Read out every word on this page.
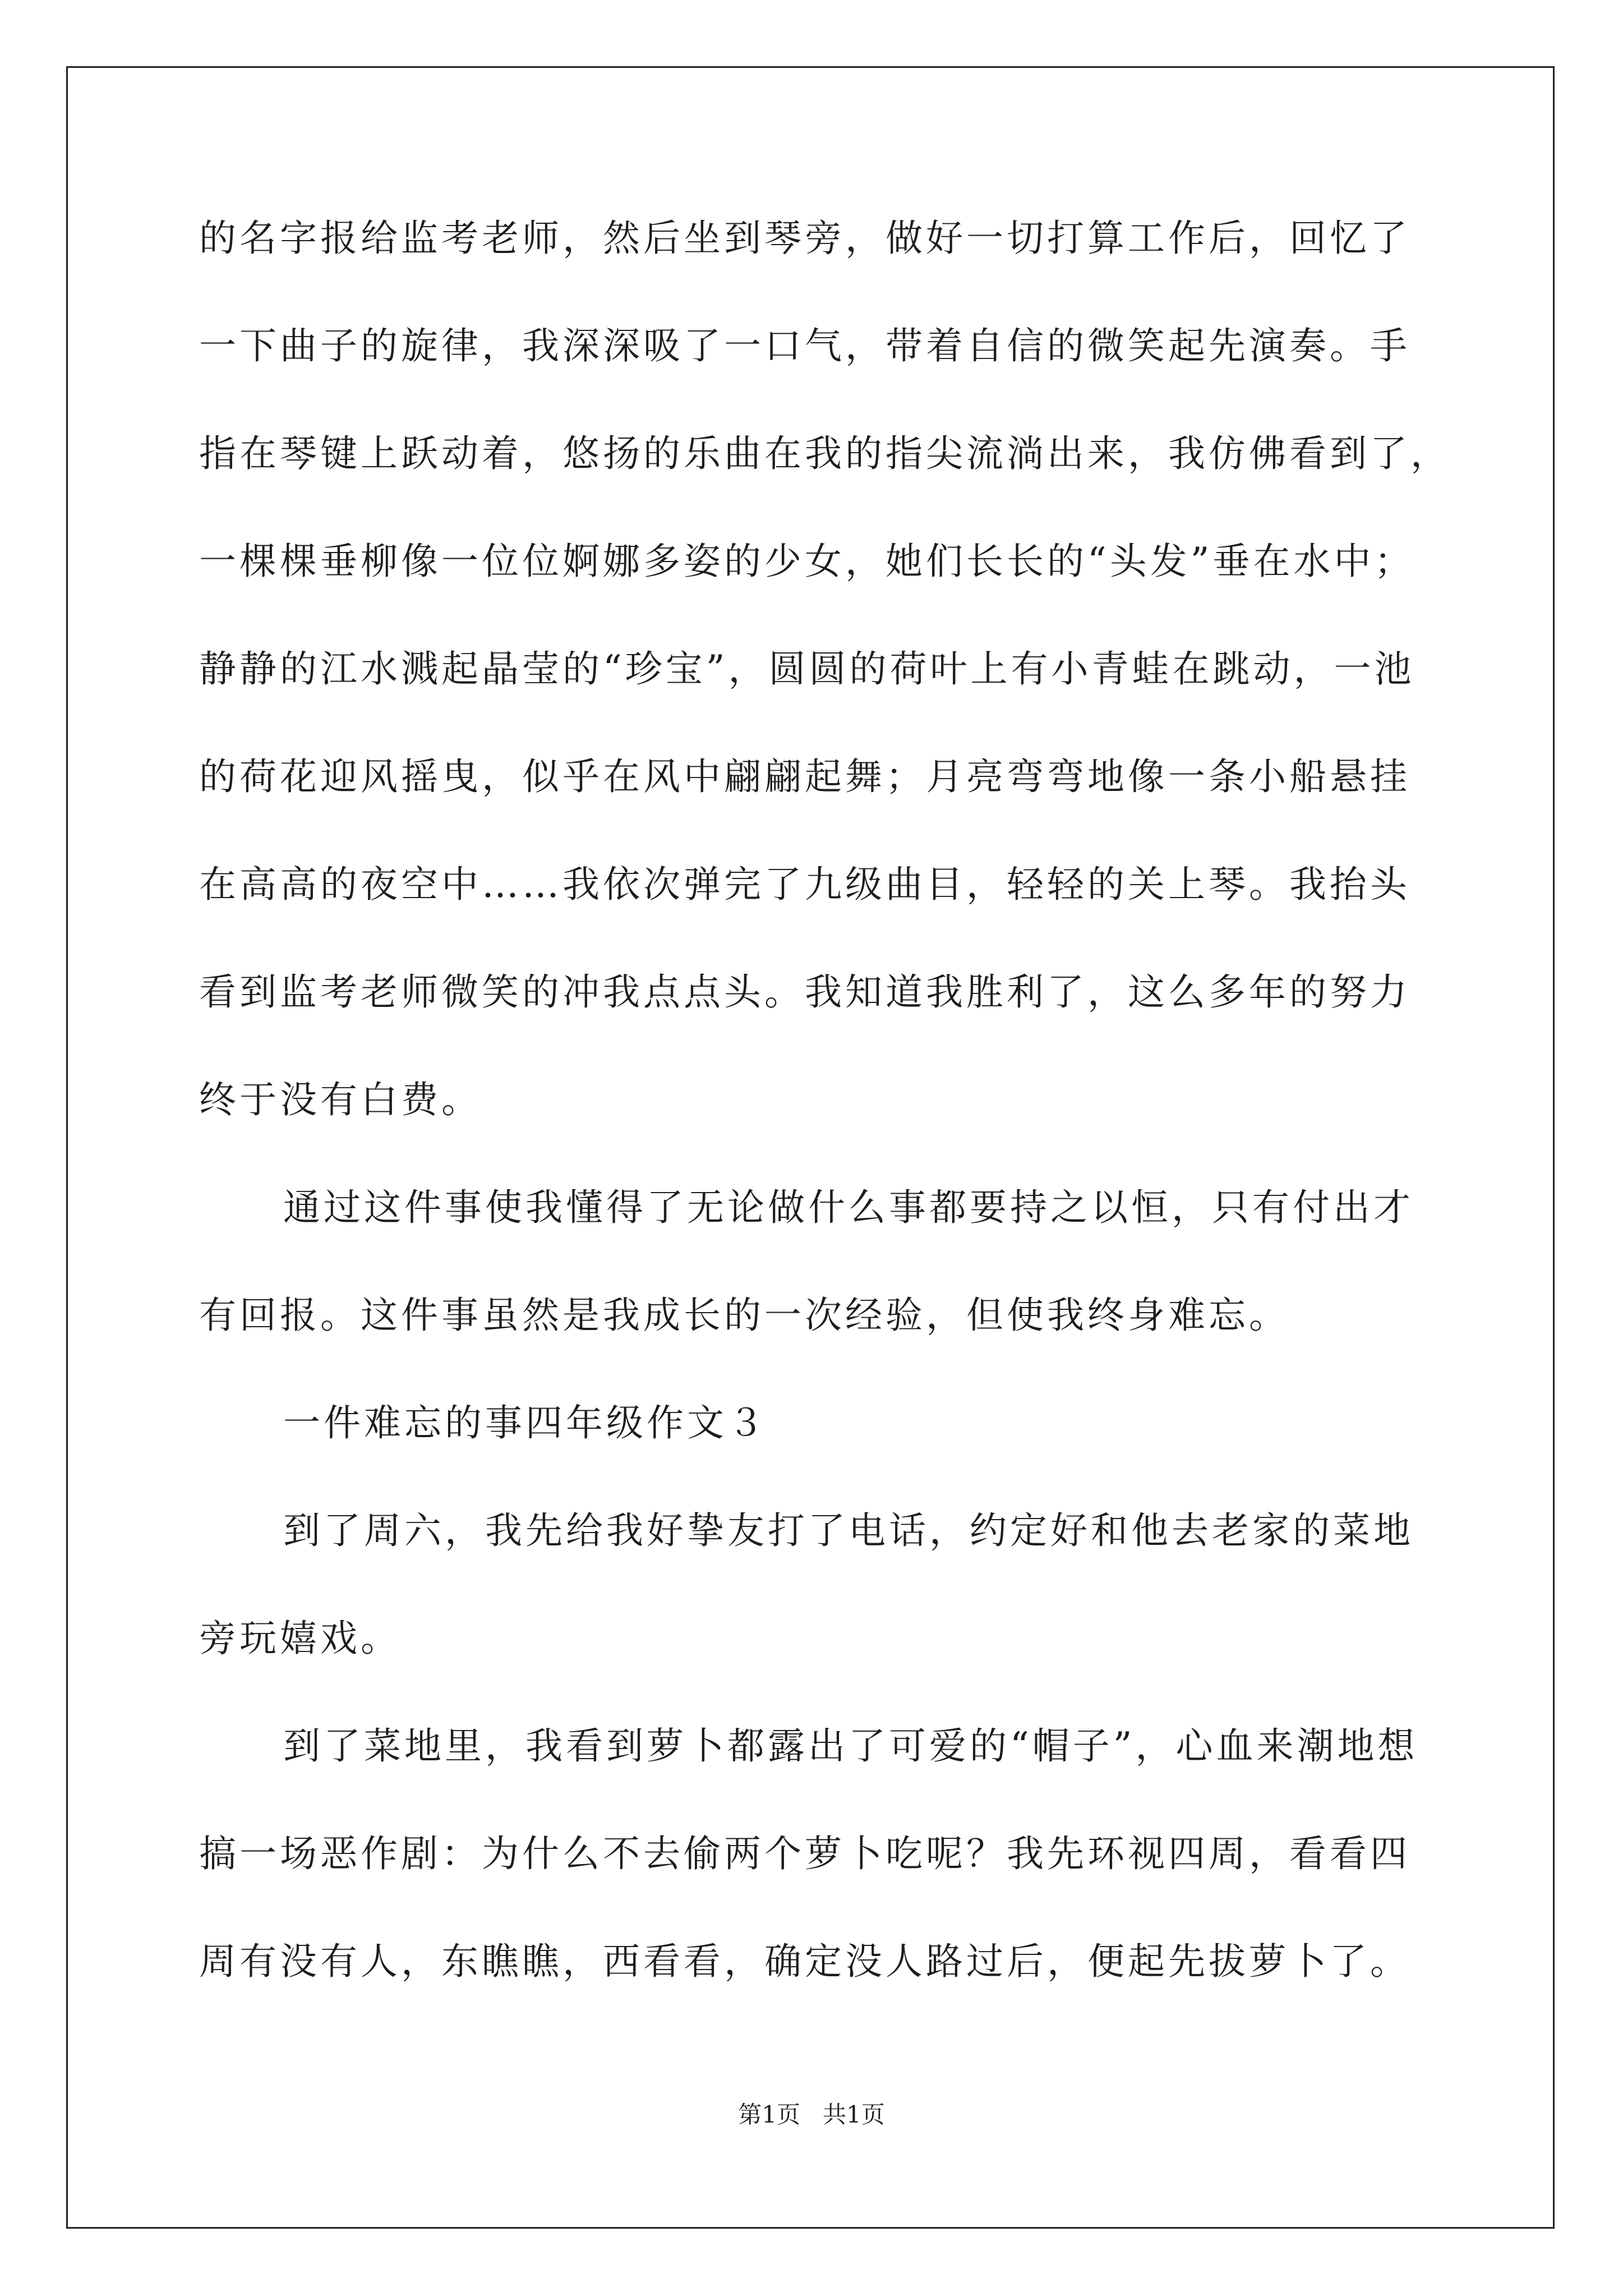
的名字报给监考老师，然后坐到琴旁，做好一切打算工作后，回忆了
一下曲子的旋律，我深深吸了一口气，带着自信的微笑起先演奏。手
指在琴键上跃动着，悠扬的乐曲在我的指尖流淌出来，我仿佛看到了，
一棵棵垂柳像一位位婀娜多姿的少女，她们长长的“头发”垂在水中；
静静的江水溅起晶莹的“珍宝”，圆圆的荷叶上有小青蛙在跳动，一池
的荷花迎风摇曳，似乎在风中翩翩起舞；月亮弯弯地像一条小船悬挂
在高高的夜空中……我依次弹完了九级曲目，轻轻的关上琴。我抬头
看到监考老师微笑的冲我点点头。我知道我胜利了，这么多年的努力
终于没有白费。
通过这件事使我懂得了无论做什么事都要持之以恒，只有付出才
有回报。这件事虽然是我成长的一次经验，但使我终身难忘。
一件难忘的事四年级作文３
到了周六，我先给我好挚友打了电话，约定好和他去老家的菜地
旁玩嬉戏。
到了菜地里，我看到萝卜都露出了可爱的“帽子”，心血来潮地想
搞一场恶作剧：为什么不去偷两个萝卜吃呢？我先环视四周，看看四
周有没有人，东瞧瞧，西看看，确定没人路过后，便起先拔萝卜了。
第1页   共1页
